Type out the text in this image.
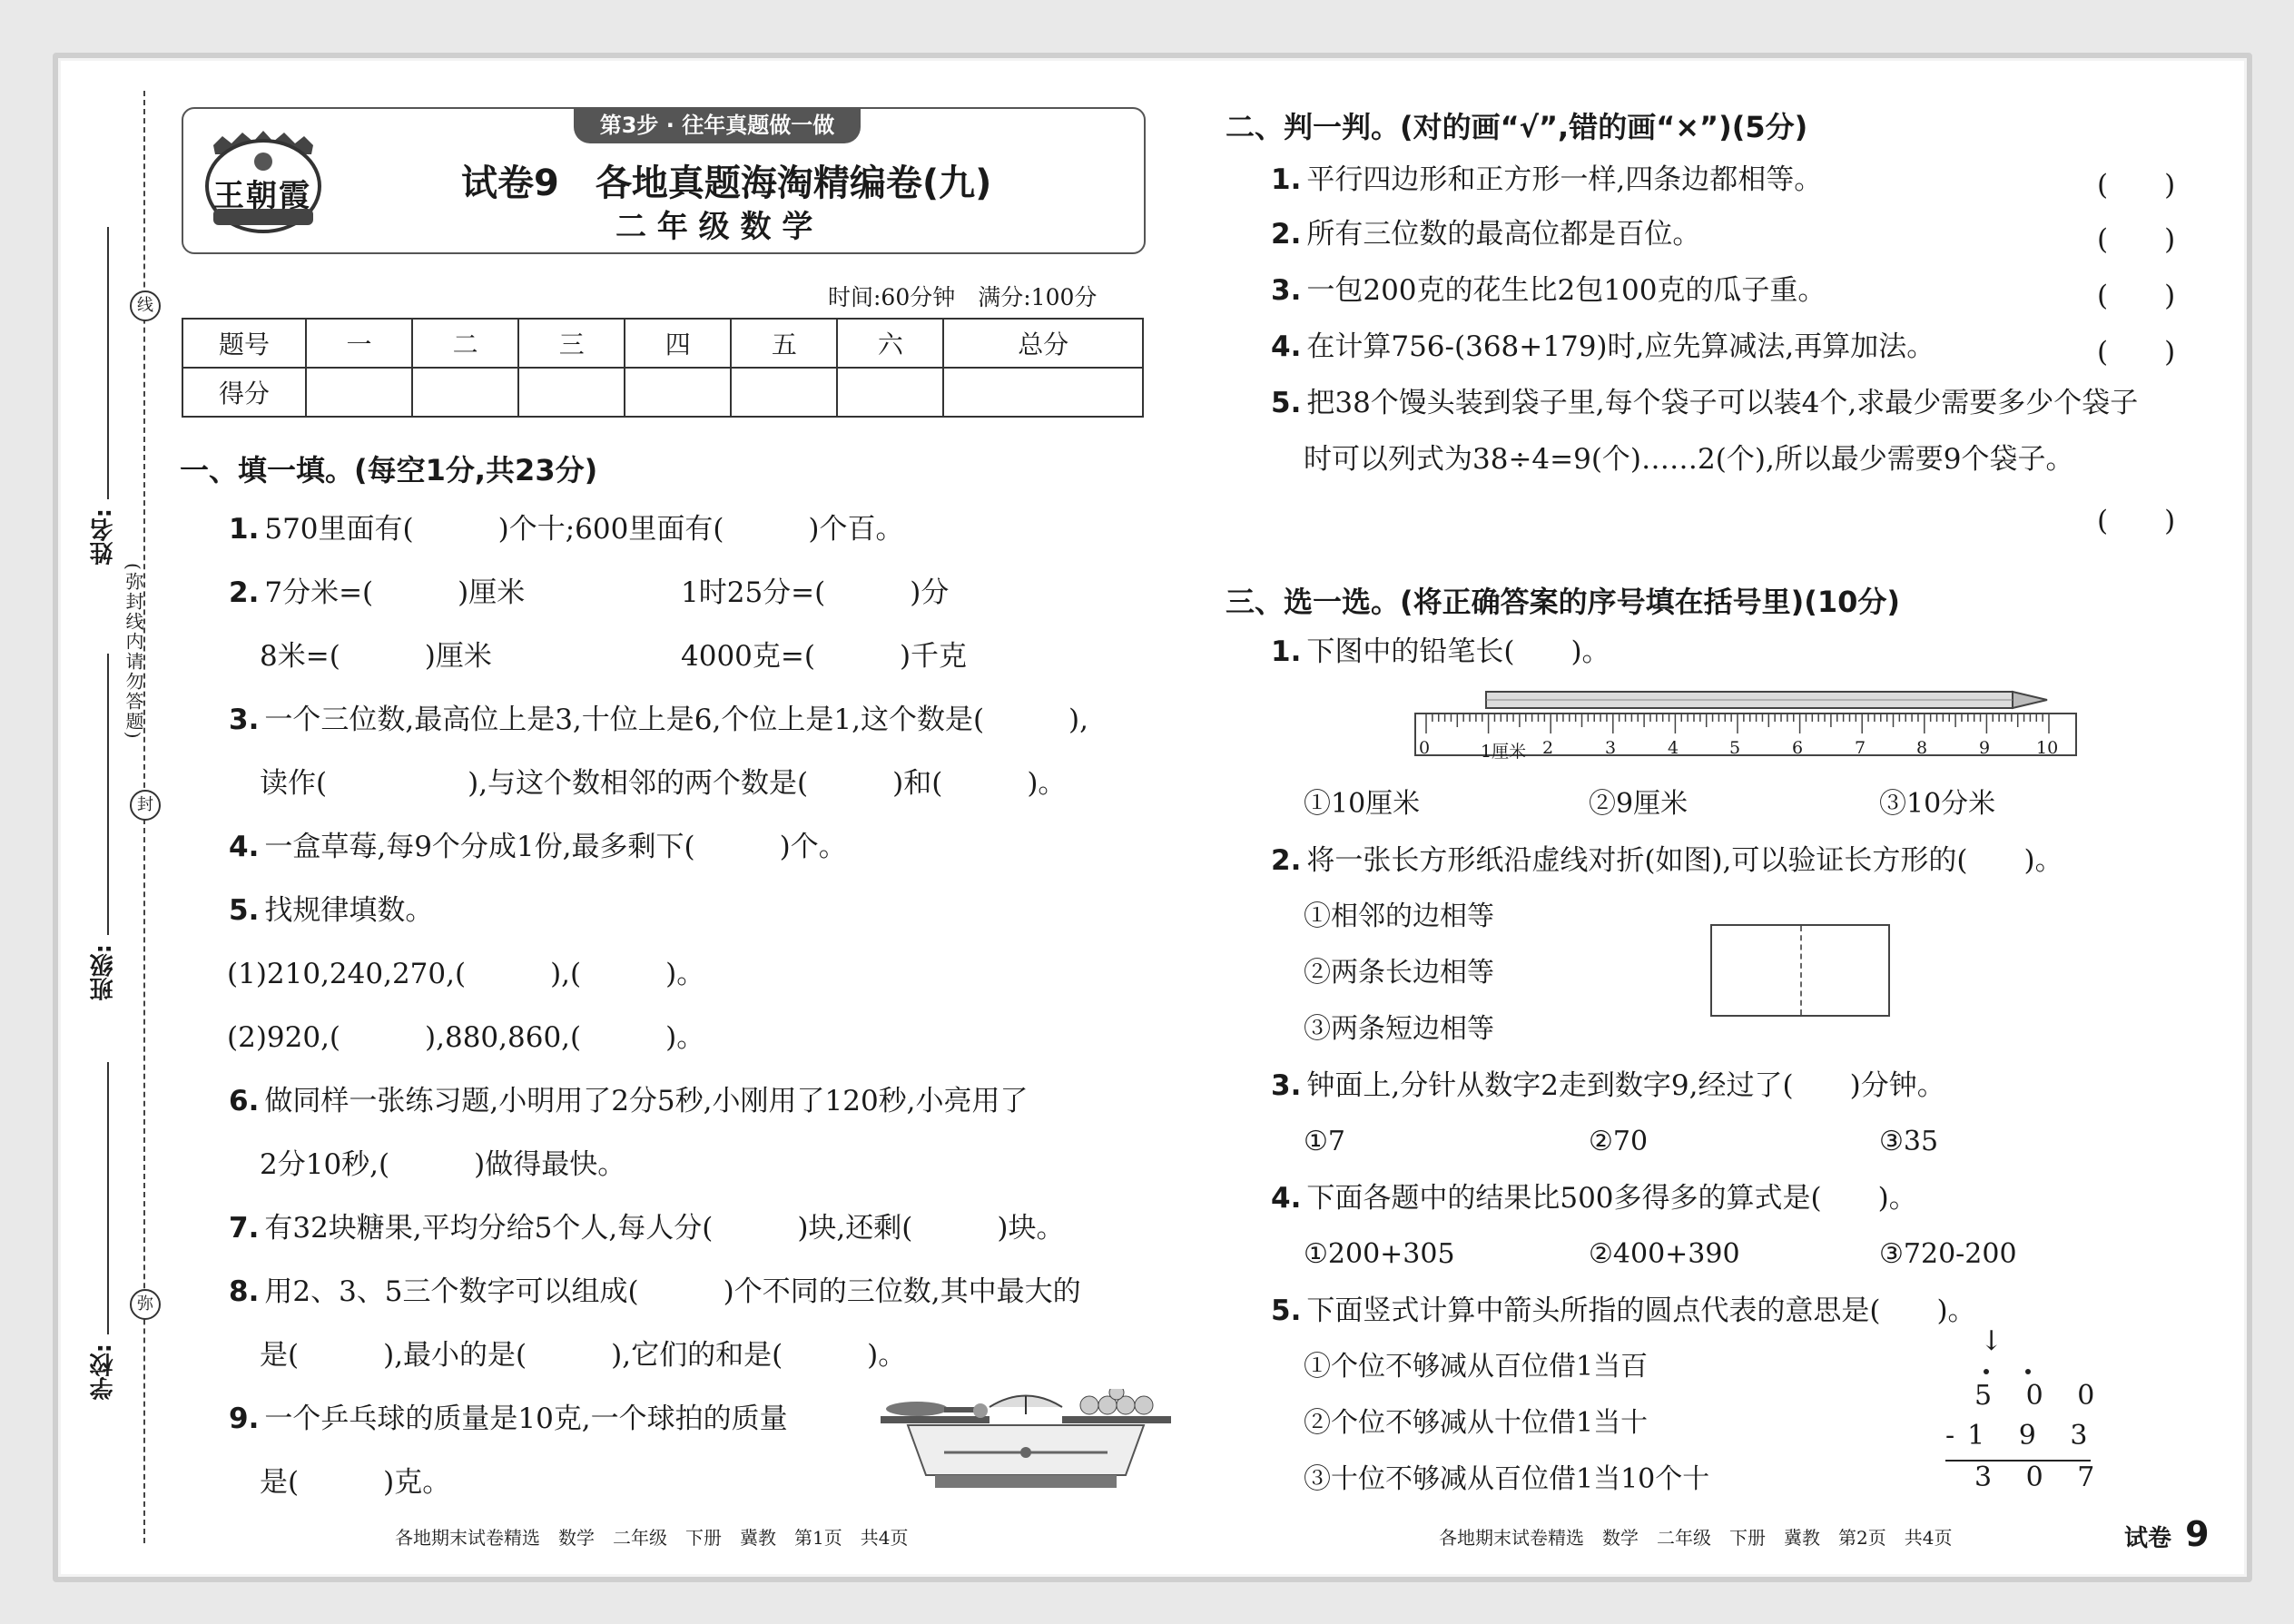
线
封
弥
(弥封线内请勿答题)
姓名:
班级:
学校:
第3步 · 往年真题做一做
王朝霞	试卷9　各地真题海淘精编卷(九)
二 年 级 数 学
时间:60分钟　满分:100分
题号	一	二	三	四	五	六	总分
得分							
一、填一填。(每空1分,共23分)
1. 570里面有(　　　)个十;600里面有(　　　)个百。
2. 7分米=(　　　)厘米	1时25分=(　　　)分
8米=(　　　)厘米	4000克=(　　　)千克
3. 一个三位数,最高位上是3,十位上是6,个位上是1,这个数是(　　　),
读作(　　　　　),与这个数相邻的两个数是(　　　)和(　　　)。
4. 一盒草莓,每9个分成1份,最多剩下(　　　)个。
5. 找规律填数。
(1)210,240,270,(　　　),(　　　)。
(2)920,(　　　),880,860,(　　　)。
6. 做同样一张练习题,小明用了2分5秒,小刚用了120秒,小亮用了
2分10秒,(　　　)做得最快。
7. 有32块糖果,平均分给5个人,每人分(　　　)块,还剩(　　　)块。
8. 用2、3、5三个数字可以组成(　　　)个不同的三位数,其中最大的
是(　　　),最小的是(　　　),它们的和是(　　　)。
9. 一个乒乓球的质量是10克,一个球拍的质量
是(　　　)克。
二、判一判。(对的画“√”,错的画“×”)(5分)
1. 平行四边形和正方形一样,四条边都相等。	(　　)
2. 所有三位数的最高位都是百位。	(　　)
3. 一包200克的花生比2包100克的瓜子重。	(　　)
4. 在计算756-(368+179)时,应先算减法,再算加法。	(　　)
5. 把38个馒头装到袋子里,每个袋子可以装4个,求最少需要多少个袋子
时可以列式为38÷4=9(个)……2(个),所以最少需要9个袋子。
(　　)
三、选一选。(将正确答案的序号填在括号里)(10分)
1. 下图中的铅笔长(　　)。
0	1厘米 2	3	4	5	6	7	8	9	10
①10厘米	②9厘米	③10分米
2. 将一张长方形纸沿虚线对折(如图),可以验证长方形的(　　)。
①相邻的边相等
②两条长边相等
③两条短边相等
3. 钟面上,分针从数字2走到数字9,经过了(　　)分钟。
①7	②70	③35
4. 下面各题中的结果比500多得多的算式是(　　)。
①200+305	②400+390	③720-200
5. 下面竖式计算中箭头所指的圆点代表的意思是(　　)。
①个位不够减从百位借1当百
②个位不够减从十位借1当十
③十位不够减从百位借1当10个十
↓
5 0 0
-1 9 3
3 0 7
各地期末试卷精选　数学　二年级　下册　冀教　第1页　共4页	各地期末试卷精选　数学　二年级　下册　冀教　第2页　共4页	试卷 9
